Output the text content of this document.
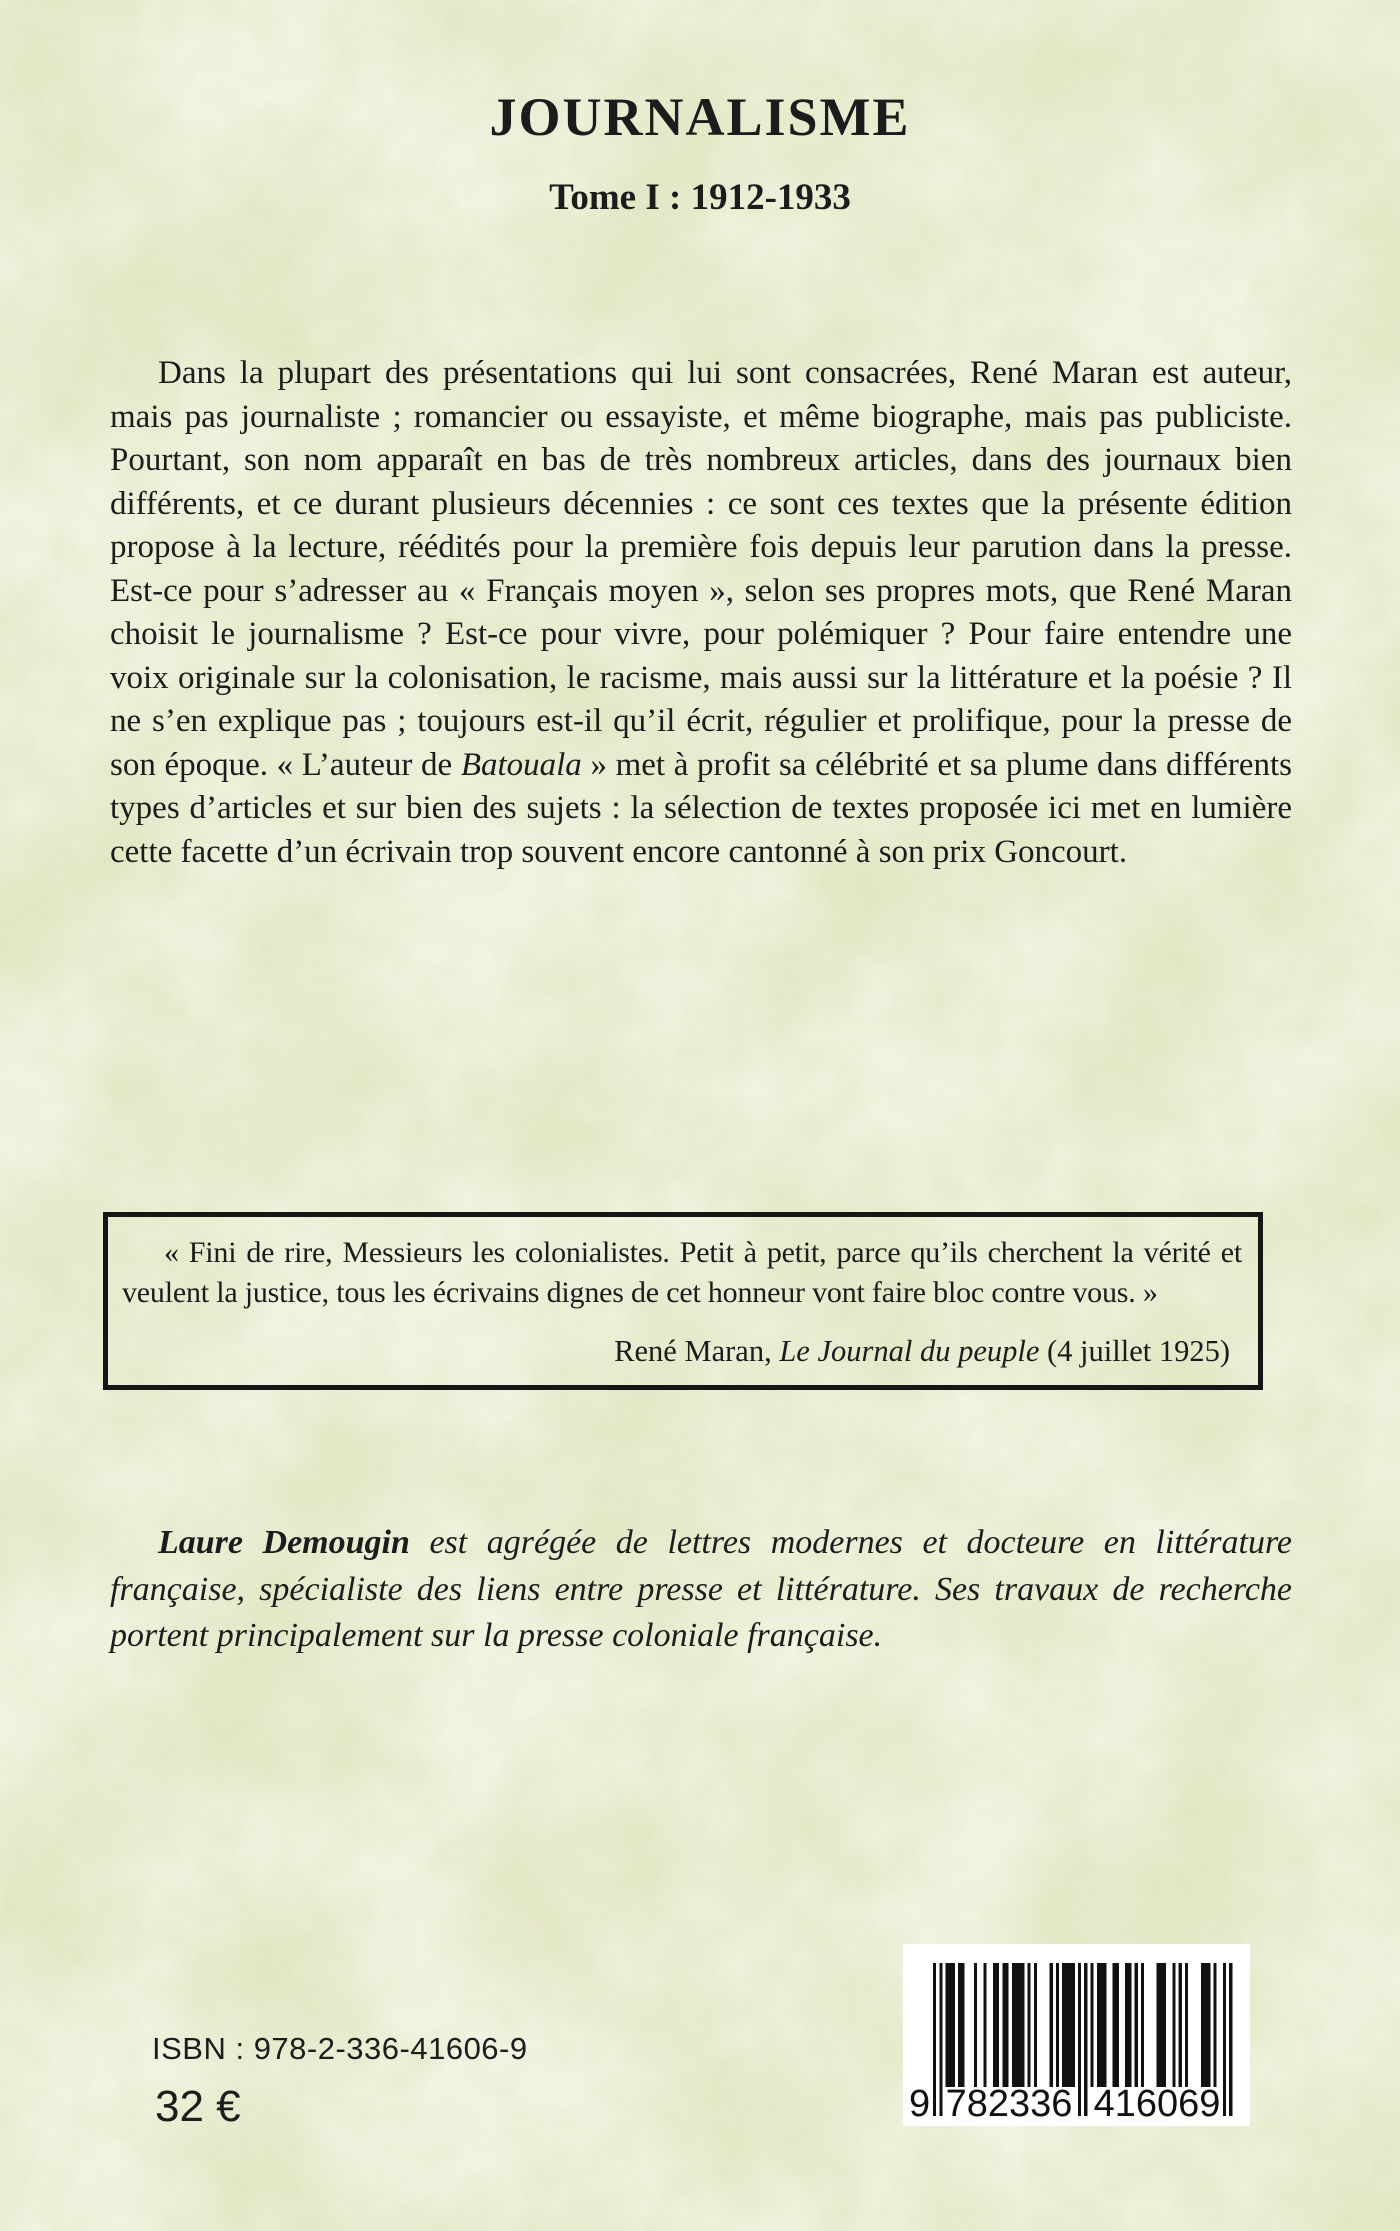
JOURNALISME
Tome I : 1912-1933

Dans la plupart des présentations qui lui sont consacrées, René Maran est auteur, mais pas journaliste ; romancier ou essayiste, et même biographe, mais pas publiciste. Pourtant, son nom apparaît en bas de très nombreux articles, dans des journaux bien différents, et ce durant plusieurs décennies : ce sont ces textes que la présente édition propose à la lecture, réédités pour la première fois depuis leur parution dans la presse. Est-ce pour s’adresser au « Français moyen », selon ses propres mots, que René Maran choisit le journalisme ? Est-ce pour vivre, pour polémiquer ? Pour faire entendre une voix originale sur la colonisation, le racisme, mais aussi sur la littérature et la poésie ? Il ne s’en explique pas ; toujours est-il qu’il écrit, régulier et prolifique, pour la presse de son époque. « L’auteur de Batouala » met à profit sa célébrité et sa plume dans différents types d’articles et sur bien des sujets : la sélection de textes proposée ici met en lumière cette facette d’un écrivain trop souvent encore cantonné à son prix Goncourt.

« Fini de rire, Messieurs les colonialistes. Petit à petit, parce qu’ils cherchent la vérité et veulent la justice, tous les écrivains dignes de cet honneur vont faire bloc contre vous. »

René Maran, Le Journal du peuple (4 juillet 1925)

Laure Demougin est agrégée de lettres modernes et docteure en littérature française, spécialiste des liens entre presse et littérature. Ses travaux de recherche portent principalement sur la presse coloniale française.

ISBN : 978-2-336-41606-9
32 €	9 782336 416069
